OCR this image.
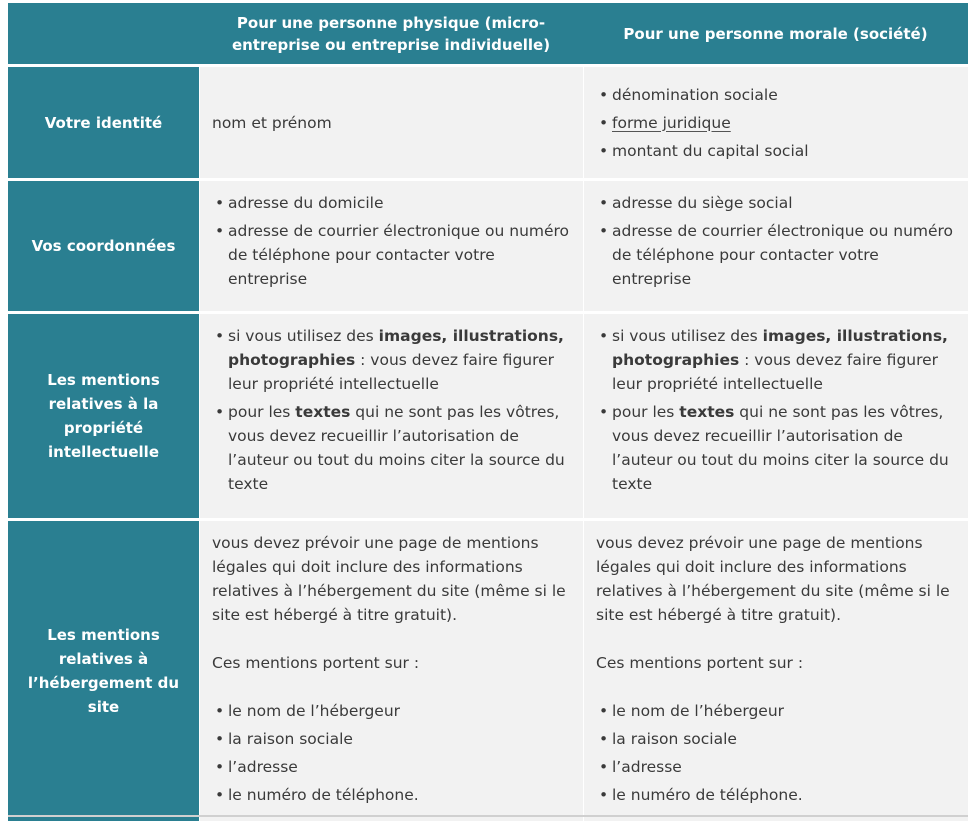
Pour une personne physique (micro-entreprise ou entreprise individuelle)
Pour une personne morale (société)
Votre identité	nom et prénom

• dénomination sociale
• forme juridique
• montant du capital social
Vos coordonnées
• adresse du domicile
• adresse de courrier électronique ou numéro de téléphone pour contacter votre entreprise
• adresse du siège social
• adresse de courrier électronique ou numéro de téléphone pour contacter votre entreprise
Les mentions relatives à la propriété intellectuelle
• si vous utilisez des images, illustrations, photographies : vous devez faire figurer leur propriété intellectuelle
• pour les textes qui ne sont pas les vôtres, vous devez recueillir l’autorisation de l’auteur ou tout du moins citer la source du texte
• si vous utilisez des images, illustrations, photographies : vous devez faire figurer leur propriété intellectuelle
• pour les textes qui ne sont pas les vôtres, vous devez recueillir l’autorisation de l’auteur ou tout du moins citer la source du texte
Les mentions relatives à l’hébergement du site

vous devez prévoir une page de mentions légales qui doit inclure des informations relatives à l’hébergement du site (même si le site est hébergé à titre gratuit).

Ces mentions portent sur :

• le nom de l’hébergeur
• la raison sociale
• l’adresse
• le numéro de téléphone.

vous devez prévoir une page de mentions légales qui doit inclure des informations relatives à l’hébergement du site (même si le site est hébergé à titre gratuit).

Ces mentions portent sur :

• le nom de l’hébergeur
• la raison sociale
• l’adresse
• le numéro de téléphone.
